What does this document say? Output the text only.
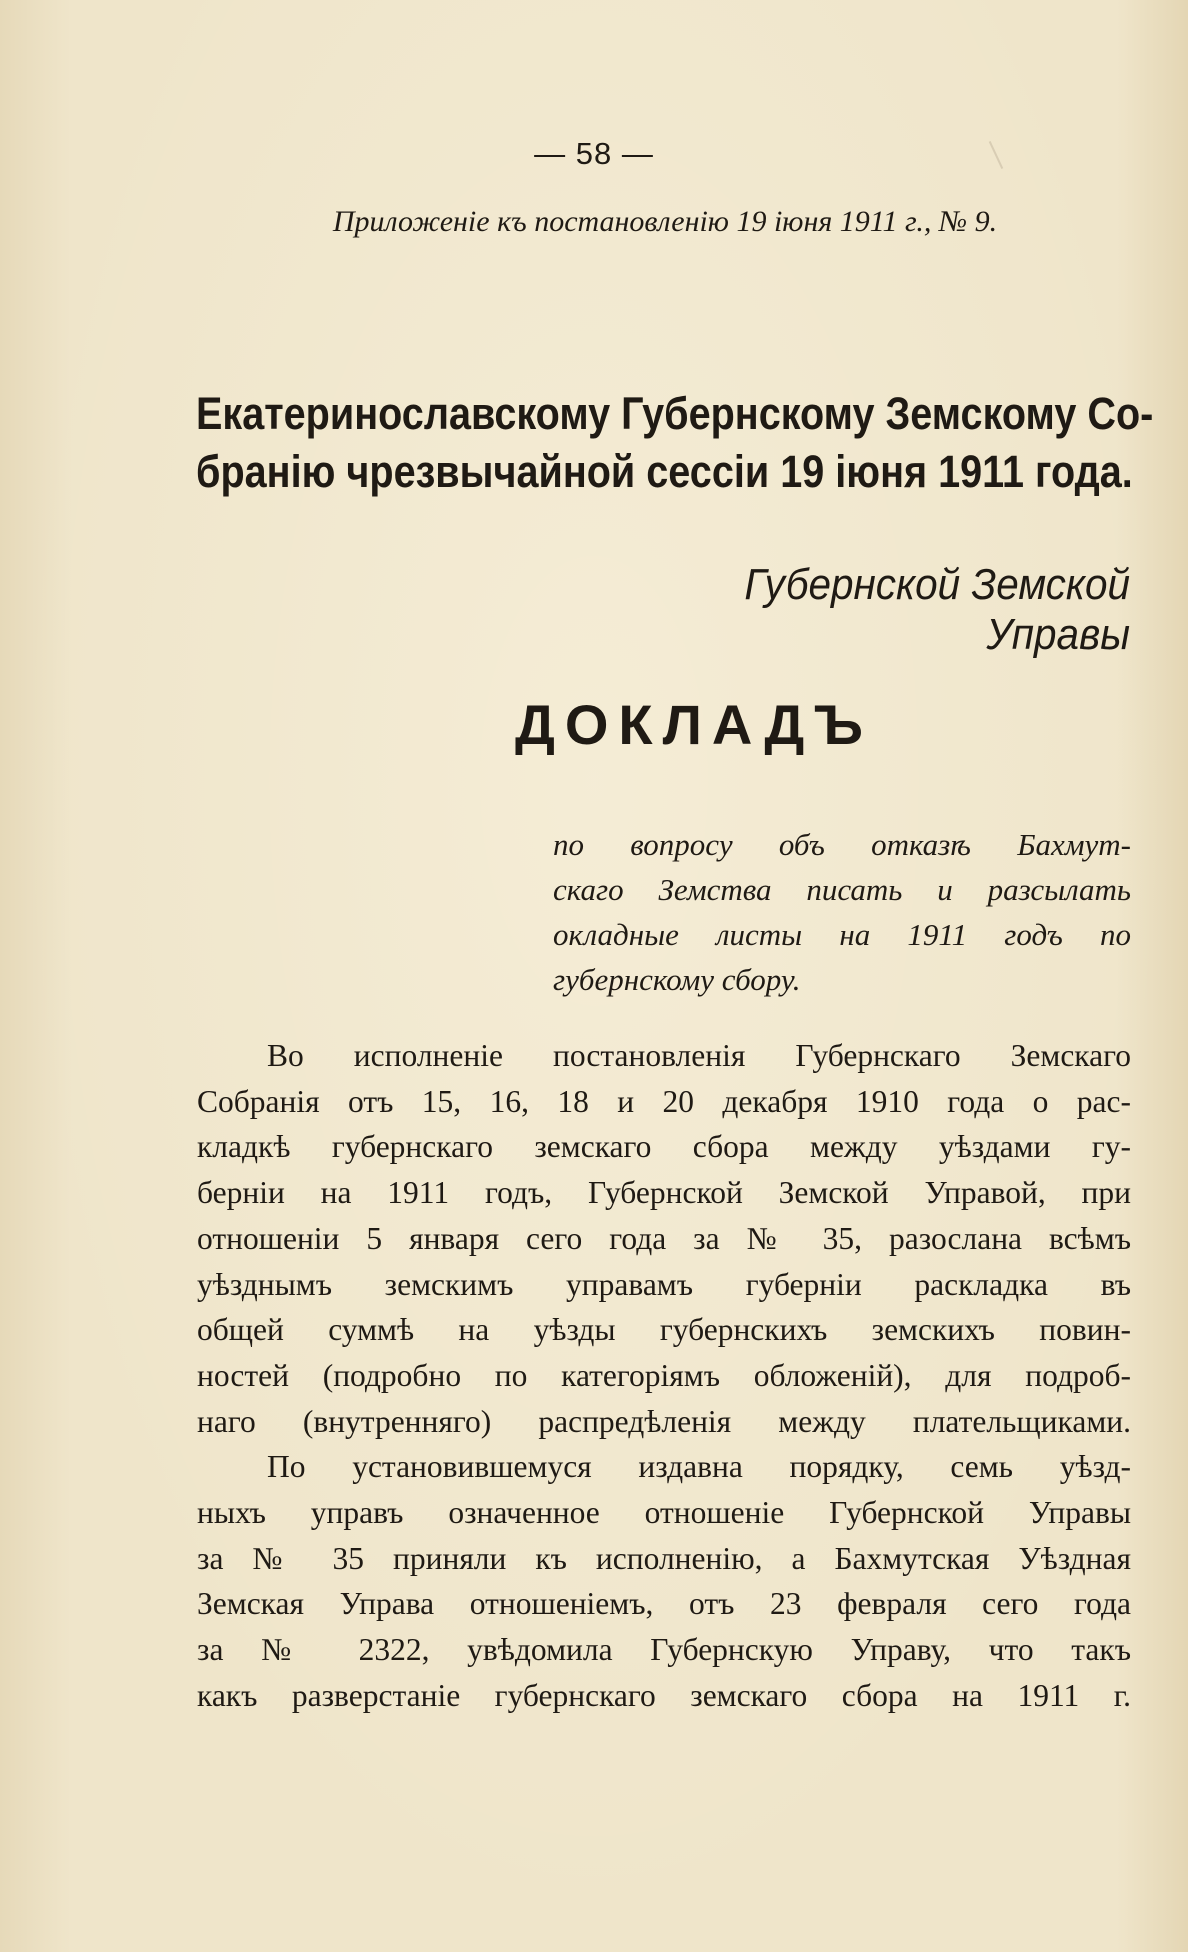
— 58 —
Приложеніе къ постановленію 19 іюня 1911 г., № 9.
Екатеринославскому Губернскому Земскому Со-
бранію чрезвычайной сессіи 19 іюня 1911 года.
Губернской Земской Управы
ДОКЛАДЪ
по вопросу объ отказѣ Бахмут-
скаго Земства писать и разсылать
окладные листы на 1911 годъ по
губернскому сбору.
Во исполненіе постановленія Губернскаго Земскаго
Собранія отъ 15, 16, 18 и 20 декабря 1910 года о рас-
кладкѣ губернскаго земскаго сбора между уѣздами гу-
берніи на 1911 годъ, Губернской Земской Управой, при
отношеніи 5 января сего года за № 35, разослана всѣмъ
уѣзднымъ земскимъ управамъ губерніи раскладка въ
общей суммѣ на уѣзды губернскихъ земскихъ повин-
ностей (подробно по категоріямъ обложеній), для подроб-
наго (внутренняго) распредѣленія между плательщиками.
По установившемуся издавна порядку, семь уѣзд-
ныхъ управъ означенное отношеніе Губернской Управы
за № 35 приняли къ исполненію, а Бахмутская Уѣздная
Земская Управа отношеніемъ, отъ 23 февраля сего года
за № 2322, увѣдомила Губернскую Управу, что такъ
какъ разверстаніе губернскаго земскаго сбора на 1911 г.
